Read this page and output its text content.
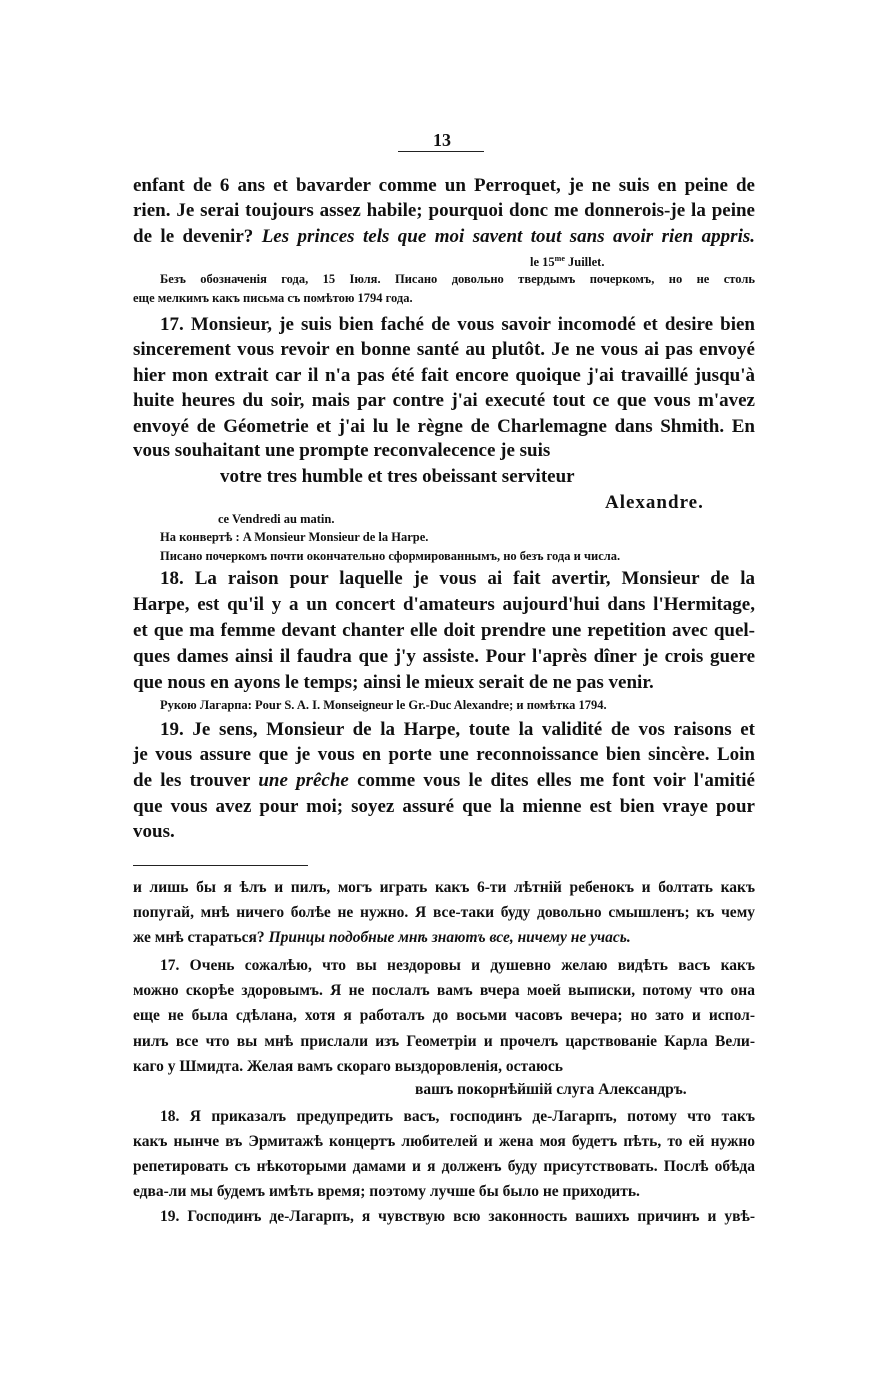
13
enfant de 6 ans et bavarder comme un Perroquet, je ne suis en peine de
rien. Je serai toujours assez habile; pourquoi donc me donnerois-je la peine
de le devenir? Les princes tels que moi savent tout sans avoir rien appris.
le $15^{me}$ Juillet.
Безъ обозначенія года, 15 Іюля. Писано довольно твердымъ почеркомъ, но не столь
еще мелкимъ какъ письма съ помѣтою 1794 года.
17. Monsieur, je suis bien faché de vous savoir incomodé et desire bien
sincerement vous revoir en bonne santé au plutôt. Je ne vous ai pas envoyé
hier mon extrait car il n'a pas été fait encore quoique j'ai travaillé jusqu'à
huite heures du soir, mais par contre j'ai executé tout ce que vous m'avez
envoyé de Géometrie et j'ai lu le règne de Charlemagne dans Shmith. En
vous souhaitant une prompte reconvalecence je suis
votre tres humble et tres obeissant serviteur
Alexandre.
ce Vendredi au matin.
На конвертѣ : A Monsieur Monsieur de la Harpe.
Писано почеркомъ почти окончательно сформированнымъ, но безъ года и числа.
18. La raison pour laquelle je vous ai fait avertir, Monsieur de la
Harpe, est qu'il y a un concert d'amateurs aujourd'hui dans l'Hermitage,
et que ma femme devant chanter elle doit prendre une repetition avec quel-
ques dames ainsi il faudra que j'y assiste. Pour l'après dîner je crois guere
que nous en ayons le temps; ainsi le mieux serait de ne pas venir.
Рукою Лагарпа: Pour S. A. I. Monseigneur le Gr.-Duc Alexandre; и помѣтка 1794.
19. Je sens, Monsieur de la Harpe, toute la validité de vos raisons et
je vous assure que je vous en porte une reconnoissance bien sincère. Loin
de les trouver une prêche comme vous le dites elles me font voir l'amitié
que vous avez pour moi; soyez assuré que la mienne est bien vraye pour
vous.
и лишь бы я ѣлъ и пилъ, могъ играть какъ 6-ти лѣтній ребенокъ и болтать какъ
попугай, мнѣ ничего болѣе не нужно. Я все-таки буду довольно смышленъ; къ чему
же мнѣ стараться? Принцы подобные мнѣ знаютъ все, ничему не учась.
17. Очень сожалѣю, что вы нездоровы и душевно желаю видѣть васъ какъ
можно скорѣе здоровымъ. Я не послалъ вамъ вчера моей выписки, потому что она
еще не была сдѣлана, хотя я работалъ до восьми часовъ вечера; но зато и испол-
нилъ все что вы мнѣ прислали изъ Геометріи и прочелъ царствованіе Карла Вели-
каго у Шмидта. Желая вамъ скораго выздоровленія, остаюсь
вашъ покорнѣйшій слуга Александръ.
18. Я приказалъ предупредить васъ, господинъ де-Лагарпъ, потому что такъ
какъ нынче въ Эрмитажѣ концертъ любителей и жена моя будетъ пѣть, то ей нужно
репетировать съ нѣкоторыми дамами и я долженъ буду присутствовать. Послѣ обѣда
едва-ли мы будемъ имѣть время; поэтому лучше бы было не приходить.
19. Господинъ де-Лагарпъ, я чувствую всю законность вашихъ причинъ и увѣ-
